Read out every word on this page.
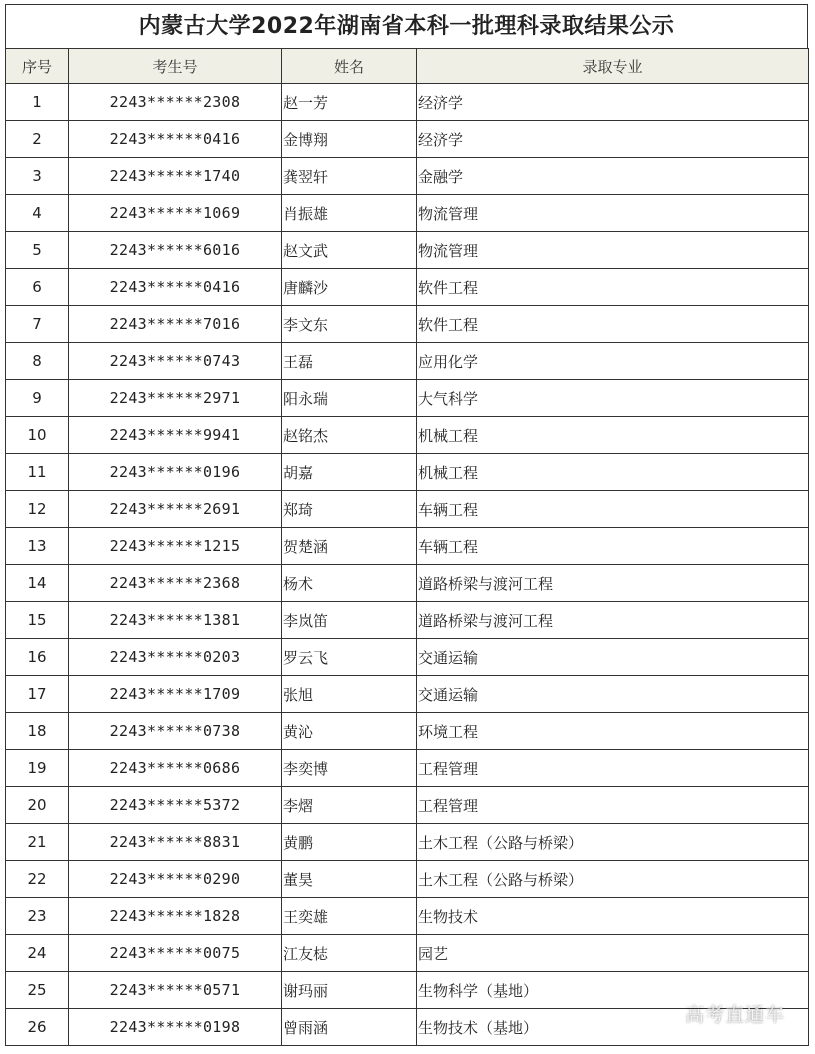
内蒙古大学2022年湖南省本科一批理科录取结果公示
序号	考生号	姓名	录取专业
1	2243******2308	赵一芳	经济学
2	2243******0416	金博翔	经济学
3	2243******1740	龚翌轩	金融学
4	2243******1069	肖振雄	物流管理
5	2243******6016	赵文武	物流管理
6	2243******0416	唐麟沙	软件工程
7	2243******7016	李文东	软件工程
8	2243******0743	王磊	应用化学
9	2243******2971	阳永瑞	大气科学
10	2243******9941	赵铭杰	机械工程
11	2243******0196	胡嘉	机械工程
12	2243******2691	郑琦	车辆工程
13	2243******1215	贺楚涵	车辆工程
14	2243******2368	杨术	道路桥梁与渡河工程
15	2243******1381	李岚笛	道路桥梁与渡河工程
16	2243******0203	罗云飞	交通运输
17	2243******1709	张旭	交通运输
18	2243******0738	黄沁	环境工程
19	2243******0686	李奕博	工程管理
20	2243******5372	李熠	工程管理
21	2243******8831	黄鹏	土木工程（公路与桥梁）
22	2243******0290	董昊	土木工程（公路与桥梁）
23	2243******1828	王奕雄	生物技术
24	2243******0075	江友梽	园艺
25	2243******0571	谢玛丽	生物科学（基地）
26	2243******0198	曾雨涵	生物技术（基地）
高考直通车
